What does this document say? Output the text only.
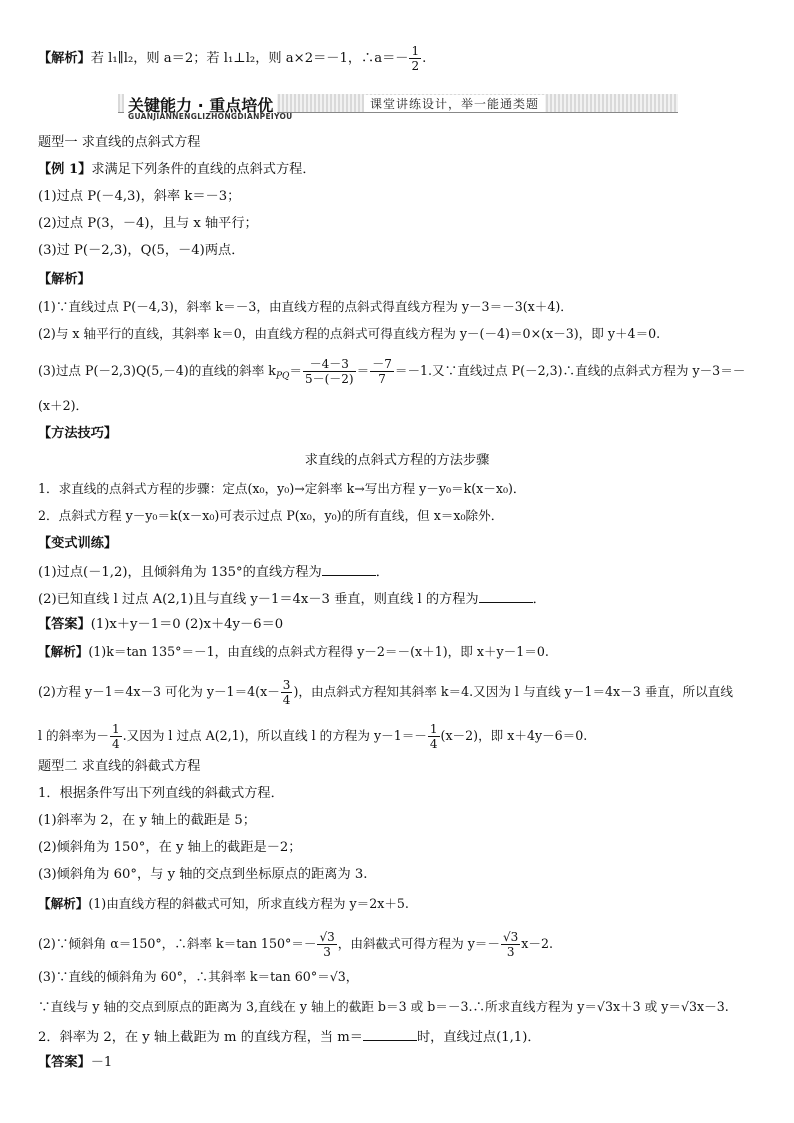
【解析】若 l₁∥l₂，则 a＝2；若 l₁⊥l₂，则 a×2＝－1，∴a＝－ $\frac{1}{2}$ .
关键能力 · 重点培优
GUANJIANNENGLIZHONGDIANPEIYOU
课堂讲练设计，举一能通类题
题型一 求直线的点斜式方程
【例 1】求满足下列条件的直线的点斜式方程．
(1)过点 P(－4,3)，斜率 k＝－3；
(2)过点 P(3，－4)，且与 x 轴平行；
(3)过 P(－2,3)，Q(5，－4)两点．
【解析】
(1)∵直线过点 P(－4,3)，斜率 k＝－3，由直线方程的点斜式得直线方程为 y－3＝－3(x＋4)．
(2)与 x 轴平行的直线，其斜率 k＝0，由直线方程的点斜式可得直线方程为 y－(－4)＝0×(x－3)，即 y＋4＝0.
(3)过点 P(－2,3)Q(5,－4)的直线的斜率 $k_{PQ}= \frac{-4-3}{5-(-2)} = \frac{-7}{7} =-1$.又∵直线过点 P(－2,3)∴直线的点斜式方程为 y－3＝－
(x＋2)．
【方法技巧】
求直线的点斜式方程的方法步骤
1．求直线的点斜式方程的步骤：定点(x₀，y₀)→定斜率 k→写出方程 y－y₀＝k(x－x₀)．
2．点斜式方程 y－y₀＝k(x－x₀)可表示过点 P(x₀，y₀)的所有直线，但 x＝x₀除外．
【变式训练】
(1)过点(－1,2)，且倾斜角为 135°的直线方程为	．
(2)已知直线 l 过点 A(2,1)且与直线 y－1＝4x－3 垂直，则直线 l 的方程为	．
【答案】(1)x＋y－1＝0 (2)x＋4y－6＝0
【解析】(1)k＝tan 135°＝－1，由直线的点斜式方程得 y－2＝－(x＋1)，即 x＋y－1＝0.
(2)方程 y－1＝4x－3 可化为 $y-1=4(x- \frac{3}{4}$ )，由点斜式方程知其斜率 k＝4.又因为 l 与直线 y－1＝4x－3 垂直，所以直线
l 的斜率为－ $\frac{1}{4}$ .又因为 l 过点 A(2,1)，所以直线 l 的方程为 $y-1=- \frac{1}{4} (x-2)$，即 x＋4y－6＝0.
题型二 求直线的斜截式方程
1．根据条件写出下列直线的斜截式方程．
(1)斜率为 2，在 y 轴上的截距是 5；
(2)倾斜角为 150°，在 y 轴上的截距是－2；
(3)倾斜角为 60°，与 y 轴的交点到坐标原点的距离为 3.
【解析】(1)由直线方程的斜截式可知，所求直线方程为 y＝2x＋5.
(2)∵倾斜角 α＝150°，∴斜率 k＝tan $150^\circ=- \frac{√3}{3}$ ，由斜截式可得方程为 $y=- \frac{√3}{3} x-2$.
(3)∵直线的倾斜角为 60°，∴其斜率 k＝tan 60°＝√3，
∵直线与 y 轴的交点到原点的距离为 3,直线在 y 轴上的截距 b＝3 或 b＝－3.∴所求直线方程为 y＝√3x＋3 或 y＝√3x－3.
2．斜率为 2，在 y 轴上截距为 m 的直线方程，当 m＝	时，直线过点(1,1)．
【答案】－1
